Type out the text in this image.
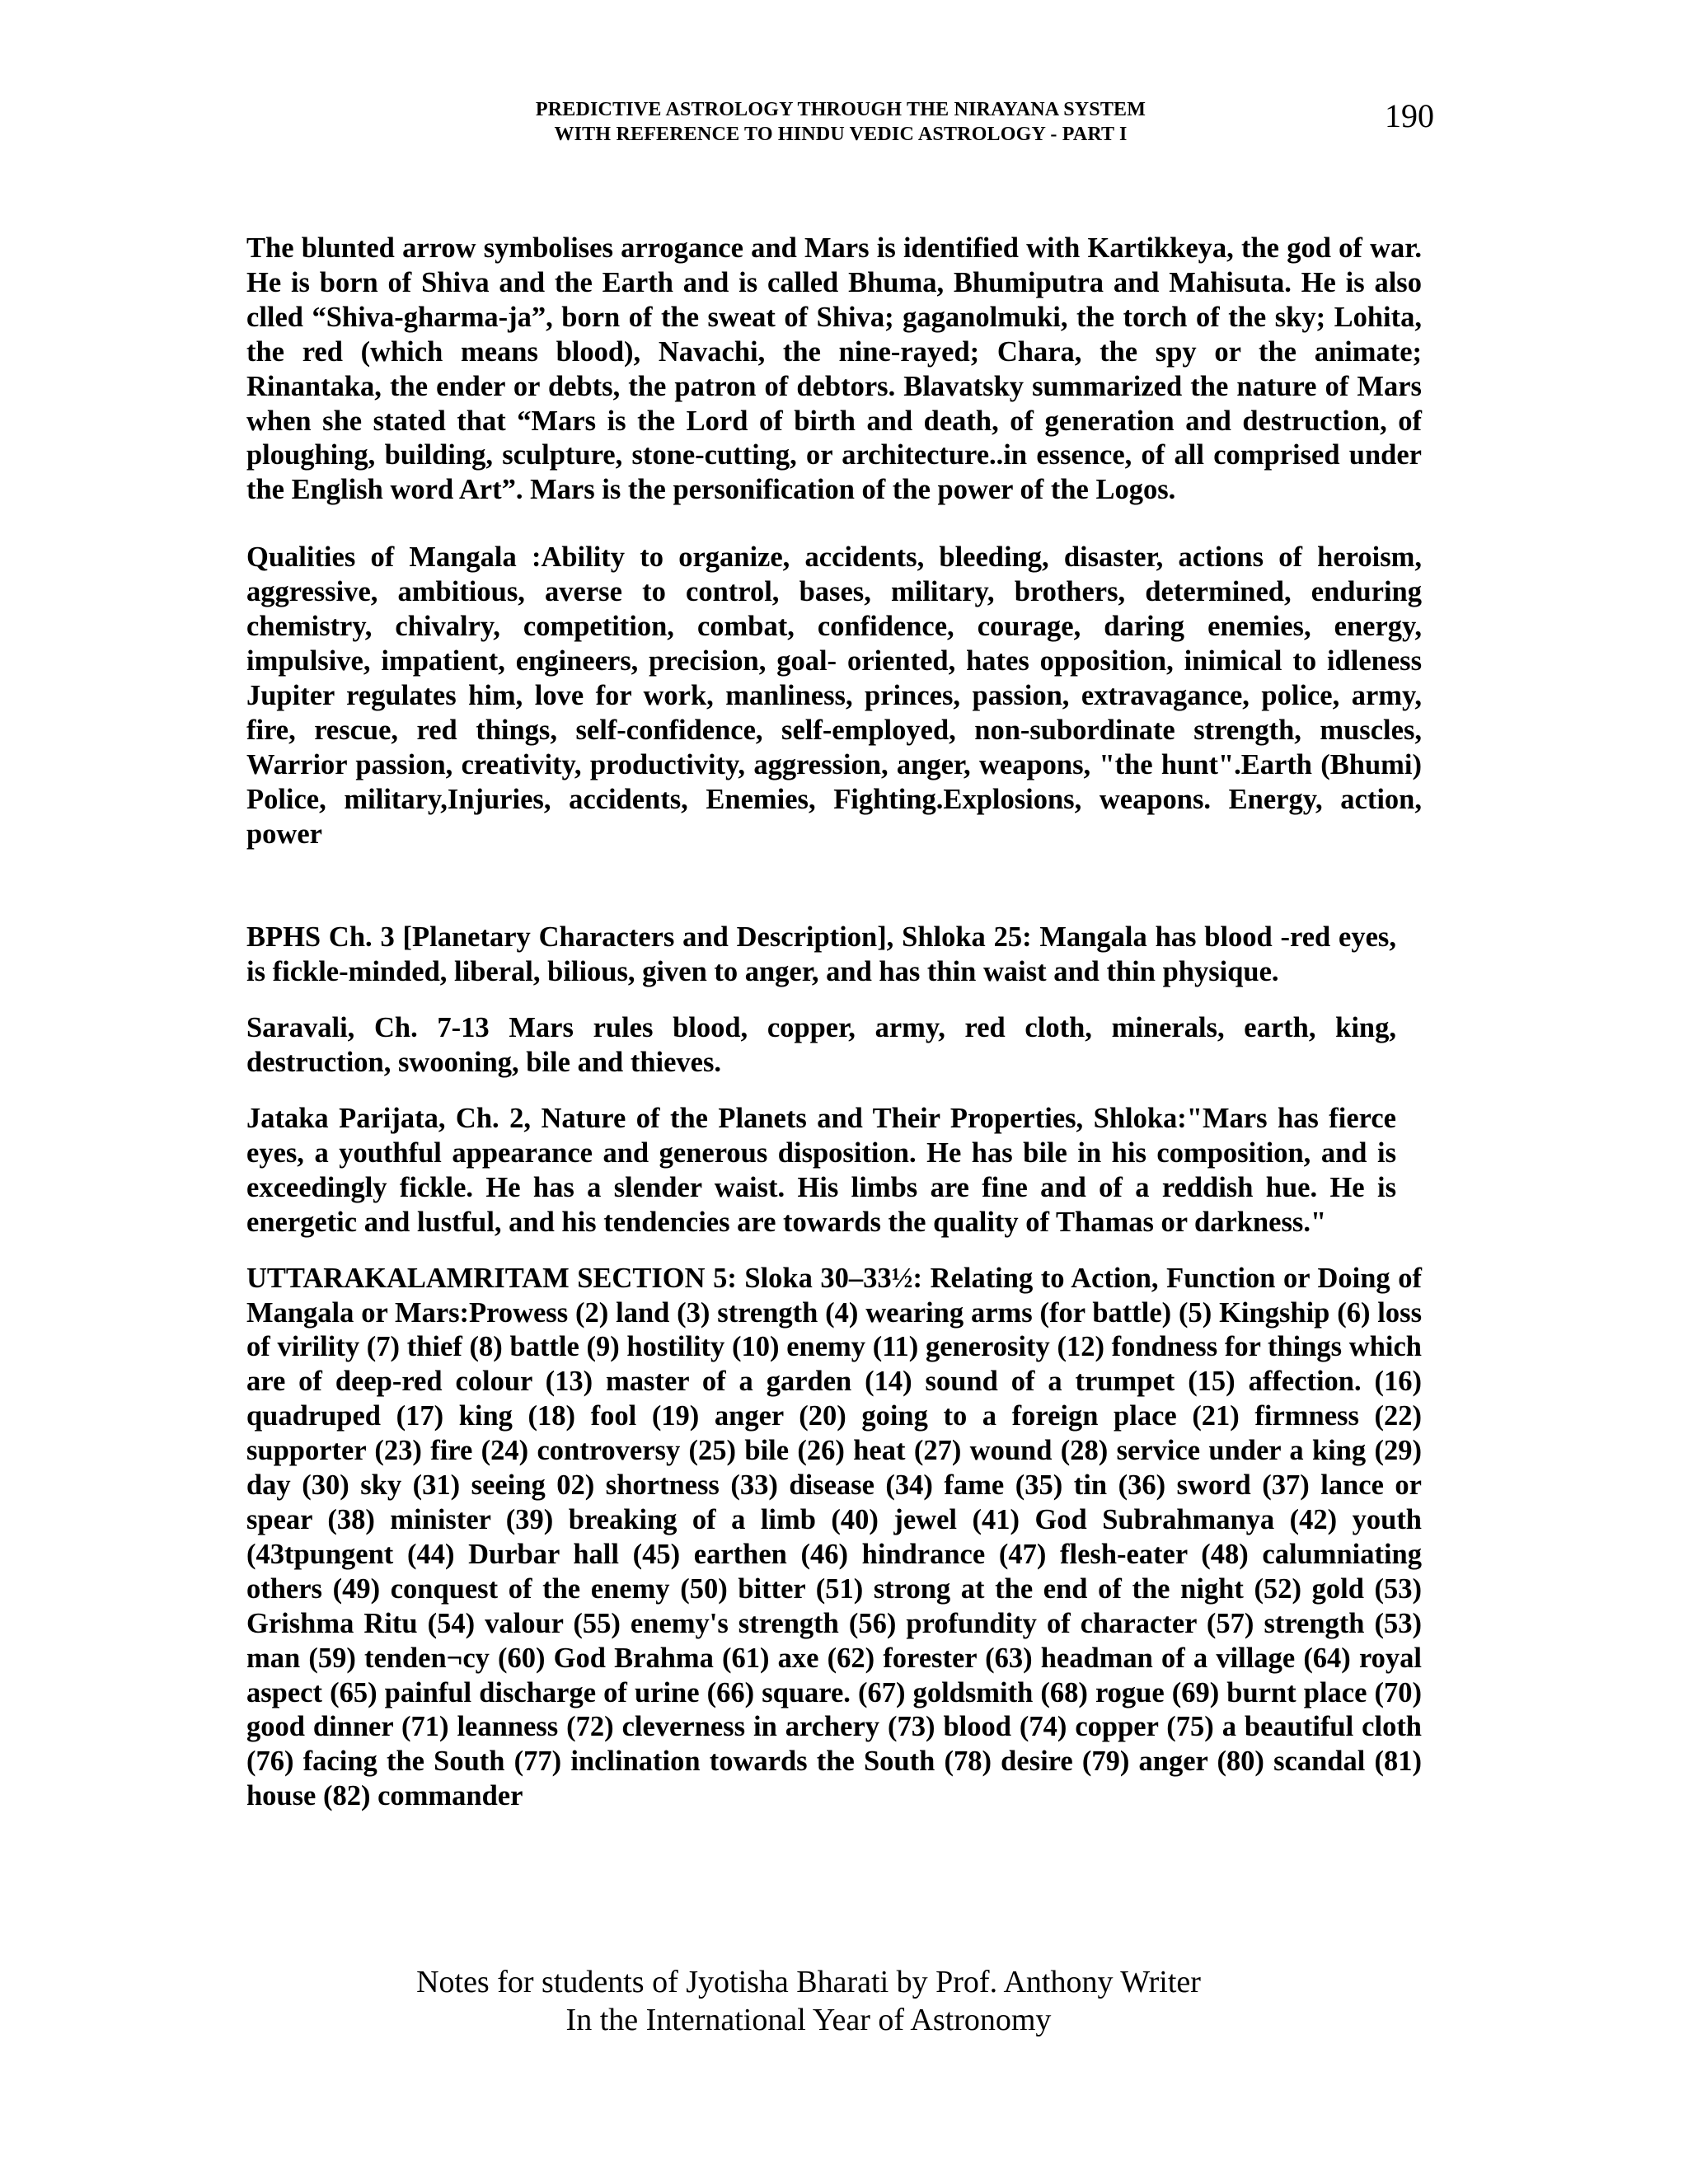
PREDICTIVE ASTROLOGY THROUGH THE NIRAYANA SYSTEM
WITH REFERENCE TO HINDU VEDIC ASTROLOGY - PART I	190

The blunted arrow symbolises arrogance and Mars is identified with Kartikkeya, the god of war. He is born of Shiva and the Earth and is called Bhuma, Bhumiputra and Mahisuta. He is also clled “Shiva-gharma-ja”, born of the sweat of Shiva; gaganolmuki, the torch of the sky; Lohita, the red (which means blood), Navachi, the nine-rayed; Chara, the spy or the animate; Rinantaka, the ender or debts, the patron of debtors. Blavatsky summarized the nature of Mars when she stated that “Mars is the Lord of birth and death, of generation and destruction, of ploughing, building, sculpture, stone-cutting, or architecture..in essence, of all comprised under the English word Art”. Mars is the personification of the power of the Logos.

Qualities of Mangala :Ability to organize, accidents, bleeding, disaster, actions of heroism, aggressive, ambitious, averse to control, bases, military, brothers, determined, enduring chemistry, chivalry, competition, combat, confidence, courage, daring enemies, energy, impulsive, impatient, engineers, precision, goal- oriented, hates opposition, inimical to idleness Jupiter regulates him, love for work, manliness, princes, passion, extravagance, police, army, fire, rescue, red things, self-confidence, self-employed, non-subordinate strength, muscles, Warrior passion, creativity, productivity, aggression, anger, weapons, "the hunt".Earth (Bhumi) Police, military,Injuries, accidents, Enemies, Fighting.Explosions, weapons. Energy, action, power

BPHS Ch. 3 [Planetary Characters and Description], Shloka 25: Mangala has blood -red eyes, is fickle-minded, liberal, bilious, given to anger, and has thin waist and thin physique.

Saravali, Ch. 7-13 Mars rules blood, copper, army, red cloth, minerals, earth, king, destruction, swooning, bile and thieves.

Jataka Parijata, Ch. 2, Nature of the Planets and Their Properties, Shloka:"Mars has fierce eyes, a youthful appearance and generous disposition. He has bile in his composition, and is exceedingly fickle. He has a slender waist. His limbs are fine and of a reddish hue. He is energetic and lustful, and his tendencies are towards the quality of Thamas or darkness."

UTTARAKALAMRITAM SECTION 5: Sloka 30–33½: Relating to Action, Function or Doing of Mangala or Mars:Prowess (2) land (3) strength (4) wearing arms (for battle) (5) Kingship (6) loss of virility (7) thief (8) battle (9) hostility (10) enemy (11) generosity (12) fondness for things which are of deep-red colour (13) master of a garden (14) sound of a trumpet (15) affection. (16) quadruped (17) king (18) fool (19) anger (20) going to a foreign place (21) firmness (22) supporter (23) fire (24) controversy (25) bile (26) heat (27) wound (28) service under a king (29) day (30) sky (31) seeing 02) shortness (33) disease (34) fame (35) tin (36) sword (37) lance or spear (38) minister (39) breaking of a limb (40) jewel (41) God Subrahmanya (42) youth (43tpungent (44) Durbar hall (45) earthen (46) hindrance (47) flesh-eater (48) calumniating others (49) conquest of the enemy (50) bitter (51) strong at the end of the night (52) gold (53) Grishma Ritu (54) valour (55) enemy's strength (56) profundity of character (57) strength (53) man (59) tenden¬cy (60) God Brahma (61) axe (62) forester (63) headman of a village (64) royal aspect (65) painful discharge of urine (66) square. (67) goldsmith (68) rogue (69) burnt place (70) good dinner (71) leanness (72) cleverness in archery (73) blood (74) copper (75) a beautiful cloth (76) facing the South (77) inclination towards the South (78) desire (79) anger (80) scandal (81) house (82) commander

Notes for students of Jyotisha Bharati by Prof. Anthony Writer
In the International Year of Astronomy
